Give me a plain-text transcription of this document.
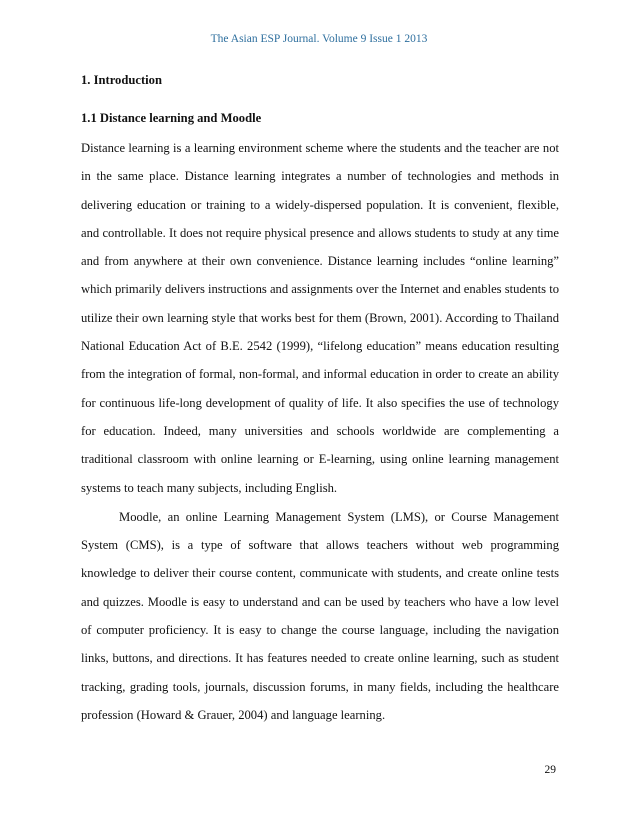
The Asian ESP Journal. Volume 9 Issue 1 2013
1. Introduction
1.1 Distance learning and Moodle

Distance learning is a learning environment scheme where the students and the teacher are not in the same place. Distance learning integrates a number of technologies and methods in delivering education or training to a widely-dispersed population. It is convenient, flexible, and controllable. It does not require physical presence and allows students to study at any time and from anywhere at their own convenience. Distance learning includes “online learning” which primarily delivers instructions and assignments over the Internet and enables students to utilize their own learning style that works best for them (Brown, 2001). According to Thailand National Education Act of B.E. 2542 (1999), “lifelong education” means education resulting from the integration of formal, non-formal, and informal education in order to create an ability for continuous life-long development of quality of life. It also specifies the use of technology for education. Indeed, many universities and schools worldwide are complementing a traditional classroom with online learning or E-learning, using online learning management systems to teach many subjects, including English.

Moodle, an online Learning Management System (LMS), or Course Management System (CMS), is a type of software that allows teachers without web programming knowledge to deliver their course content, communicate with students, and create online tests and quizzes. Moodle is easy to understand and can be used by teachers who have a low level of computer proficiency. It is easy to change the course language, including the navigation links, buttons, and directions. It has features needed to create online learning, such as student tracking, grading tools, journals, discussion forums, in many fields, including the healthcare profession (Howard & Grauer, 2004) and language learning.

29
